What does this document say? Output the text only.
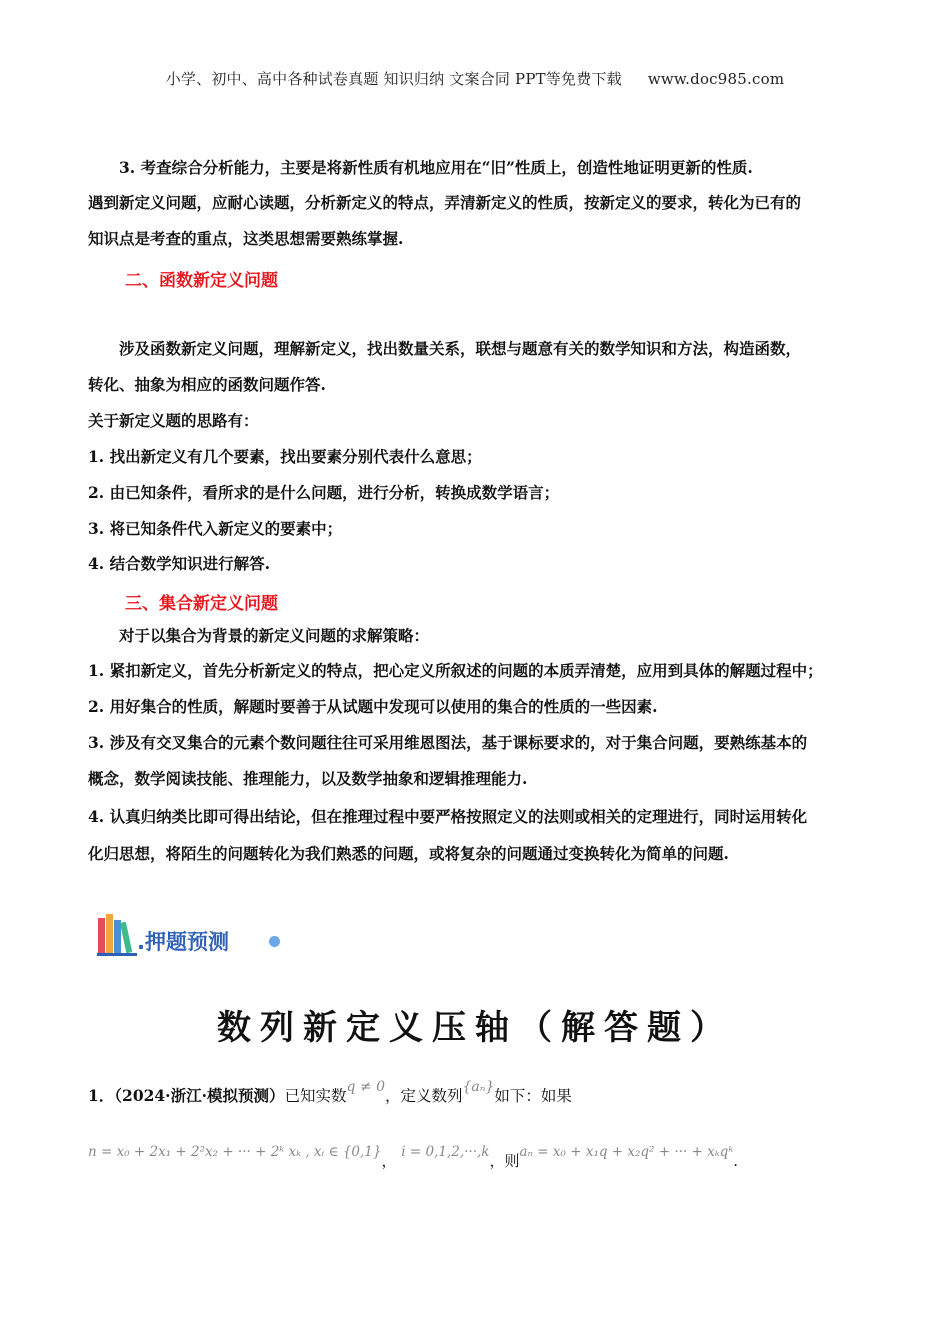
小学、初中、高中各种试卷真题 知识归纳 文案合同 PPT等免费下载 www.doc985.com
3. 考查综合分析能力，主要是将新性质有机地应用在“旧”性质上，创造性地证明更新的性质.
遇到新定义问题，应耐心读题，分析新定义的特点，弄清新定义的性质，按新定义的要求，转化为已有的
知识点是考查的重点，这类思想需要熟练掌握.
二、函数新定义问题
涉及函数新定义问题，理解新定义，找出数量关系，联想与题意有关的数学知识和方法，构造函数，
转化、抽象为相应的函数问题作答.
关于新定义题的思路有：
1. 找出新定义有几个要素，找出要素分别代表什么意思；
2. 由已知条件，看所求的是什么问题，进行分析，转换成数学语言；
3. 将已知条件代入新定义的要素中；
4. 结合数学知识进行解答.
三、集合新定义问题
对于以集合为背景的新定义问题的求解策略：
1. 紧扣新定义，首先分析新定义的特点，把心定义所叙述的问题的本质弄清楚，应用到具体的解题过程中；
2. 用好集合的性质，解题时要善于从试题中发现可以使用的集合的性质的一些因素.
3. 涉及有交叉集合的元素个数问题往往可采用维恩图法，基于课标要求的，对于集合问题，要熟练基本的
概念，数学阅读技能、推理能力，以及数学抽象和逻辑推理能力.
4. 认真归纳类比即可得出结论，但在推理过程中要严格按照定义的法则或相关的定理进行，同时运用转化
化归思想，将陌生的问题转化为我们熟悉的问题，或将复杂的问题通过变换转化为简单的问题.
.押题预测
数列新定义压轴（解答题）
1．（2024·浙江·模拟预测）已知实数q ≠ 0，定义数列{aₙ}如下：如果
n = x₀ + 2x₁ + 2²x₂ + ··· + 2ᵏ xₖ , xᵢ ∈ {0,1}， i = 0,1,2,···,k，则aₙ = x₀ + x₁q + x₂q² + ··· + xₖqᵏ.
